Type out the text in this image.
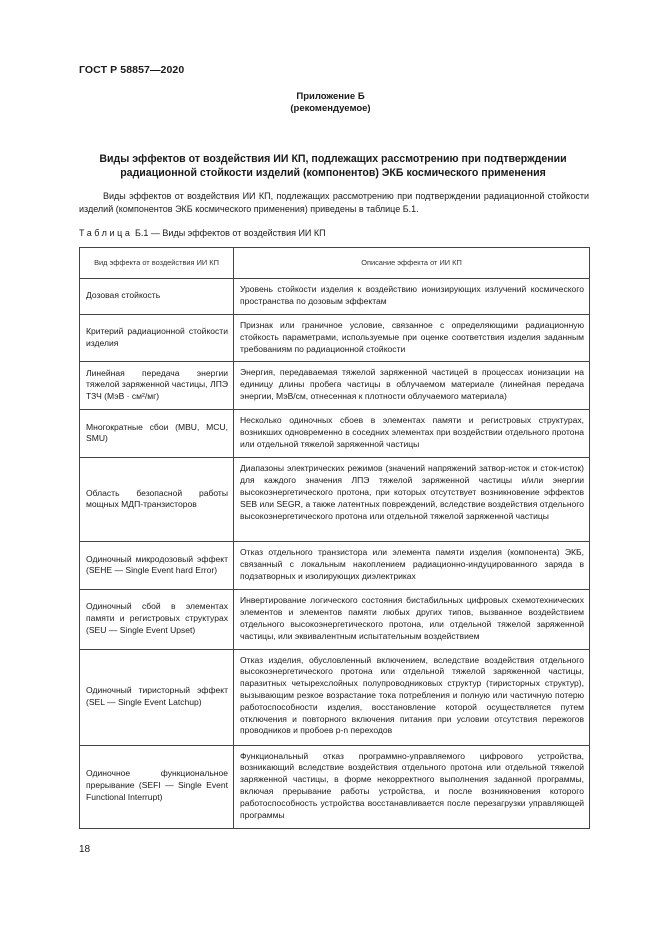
ГОСТ Р 58857—2020
Приложение Б
(рекомендуемое)
Виды эффектов от воздействия ИИ КП, подлежащих рассмотрению при подтверждении радиационной стойкости изделий (компонентов) ЭКБ космического применения
Виды эффектов от воздействия ИИ КП, подлежащих рассмотрению при подтверждении радиационной стойкости изделий (компонентов ЭКБ космического применения) приведены в таблице Б.1.
Таблица Б.1 — Виды эффектов от воздействия ИИ КП
Вид эффекта от воздействия ИИ КП	Описание эффекта от ИИ КП
Дозовая стойкость	Уровень стойкости изделия к воздействию ионизирующих излучений космического пространства по дозовым эффектам
Критерий радиационной стойкости изделия	Признак или граничное условие, связанное с определяющими радиационную стойкость параметрами, используемые при оценке соответствия изделия заданным требованиям по радиационной стойкости
Линейная передача энергии тяжелой заряженной частицы, ЛПЭ ТЗЧ (МэВ · см²/мг)	Энергия, передаваемая тяжелой заряженной частицей в процессах ионизации на единицу длины пробега частицы в облучаемом материале (линейная передача энергии, МэВ/см, отнесенная к плотности облучаемого материала)
Многократные сбои (MBU, MCU, SMU)	Несколько одиночных сбоев в элементах памяти и регистровых структурах, возникших одновременно в соседних элементах при воздействии отдельного протона или отдельной тяжелой заряженной частицы
Область безопасной работы мощных МДП-транзисторов	Диапазоны электрических режимов (значений напряжений затвор-исток и сток-исток) для каждого значения ЛПЭ тяжелой заряженной частицы и/или энергии высокоэнергетического протона, при которых отсутствует возникновение эффектов SEB или SEGR, а также латентных повреждений, вследствие воздействия отдельного высокоэнергетического протона или отдельной тяжелой заряженной частицы
Одиночный микродозовый эффект (SEHE — Single Event hard Error)	Отказ отдельного транзистора или элемента памяти изделия (компонента) ЭКБ, связанный с локальным накоплением радиационно-индуцированного заряда в подзатворных и изолирующих диэлектриках
Одиночный сбой в элементах памяти и регистровых структурах (SEU — Single Event Upset)	Инвертирование логического состояния бистабильных цифровых схемотехнических элементов и элементов памяти любых других типов, вызванное воздействием отдельного высокоэнергетического протона, или отдельной тяжелой заряженной частицы, или эквивалентным испытательным воздействием
Одиночный тиристорный эффект (SEL — Single Event Latchup)	Отказ изделия, обусловленный включением, вследствие воздействия отдельного высокоэнергетического протона или отдельной тяжелой заряженной частицы, паразитных четырехслойных полупроводниковых структур (тиристорных структур), вызывающим резкое возрастание тока потребления и полную или частичную потерю работоспособности изделия, восстановление которой осуществляется путем отключения и повторного включения питания при условии отсутствия пережогов проводников и пробоев p-n переходов
Одиночное функциональное прерывание (SEFI — Single Event Functional Interrupt)	Функциональный отказ программно-управляемого цифрового устройства, возникающий вследствие воздействия отдельного протона или отдельной тяжелой заряженной частицы, в форме некорректного выполнения заданной программы, включая прерывание работы устройства, и после возникновения которого работоспособность устройства восстанавливается после перезагрузки управляющей программы
18
